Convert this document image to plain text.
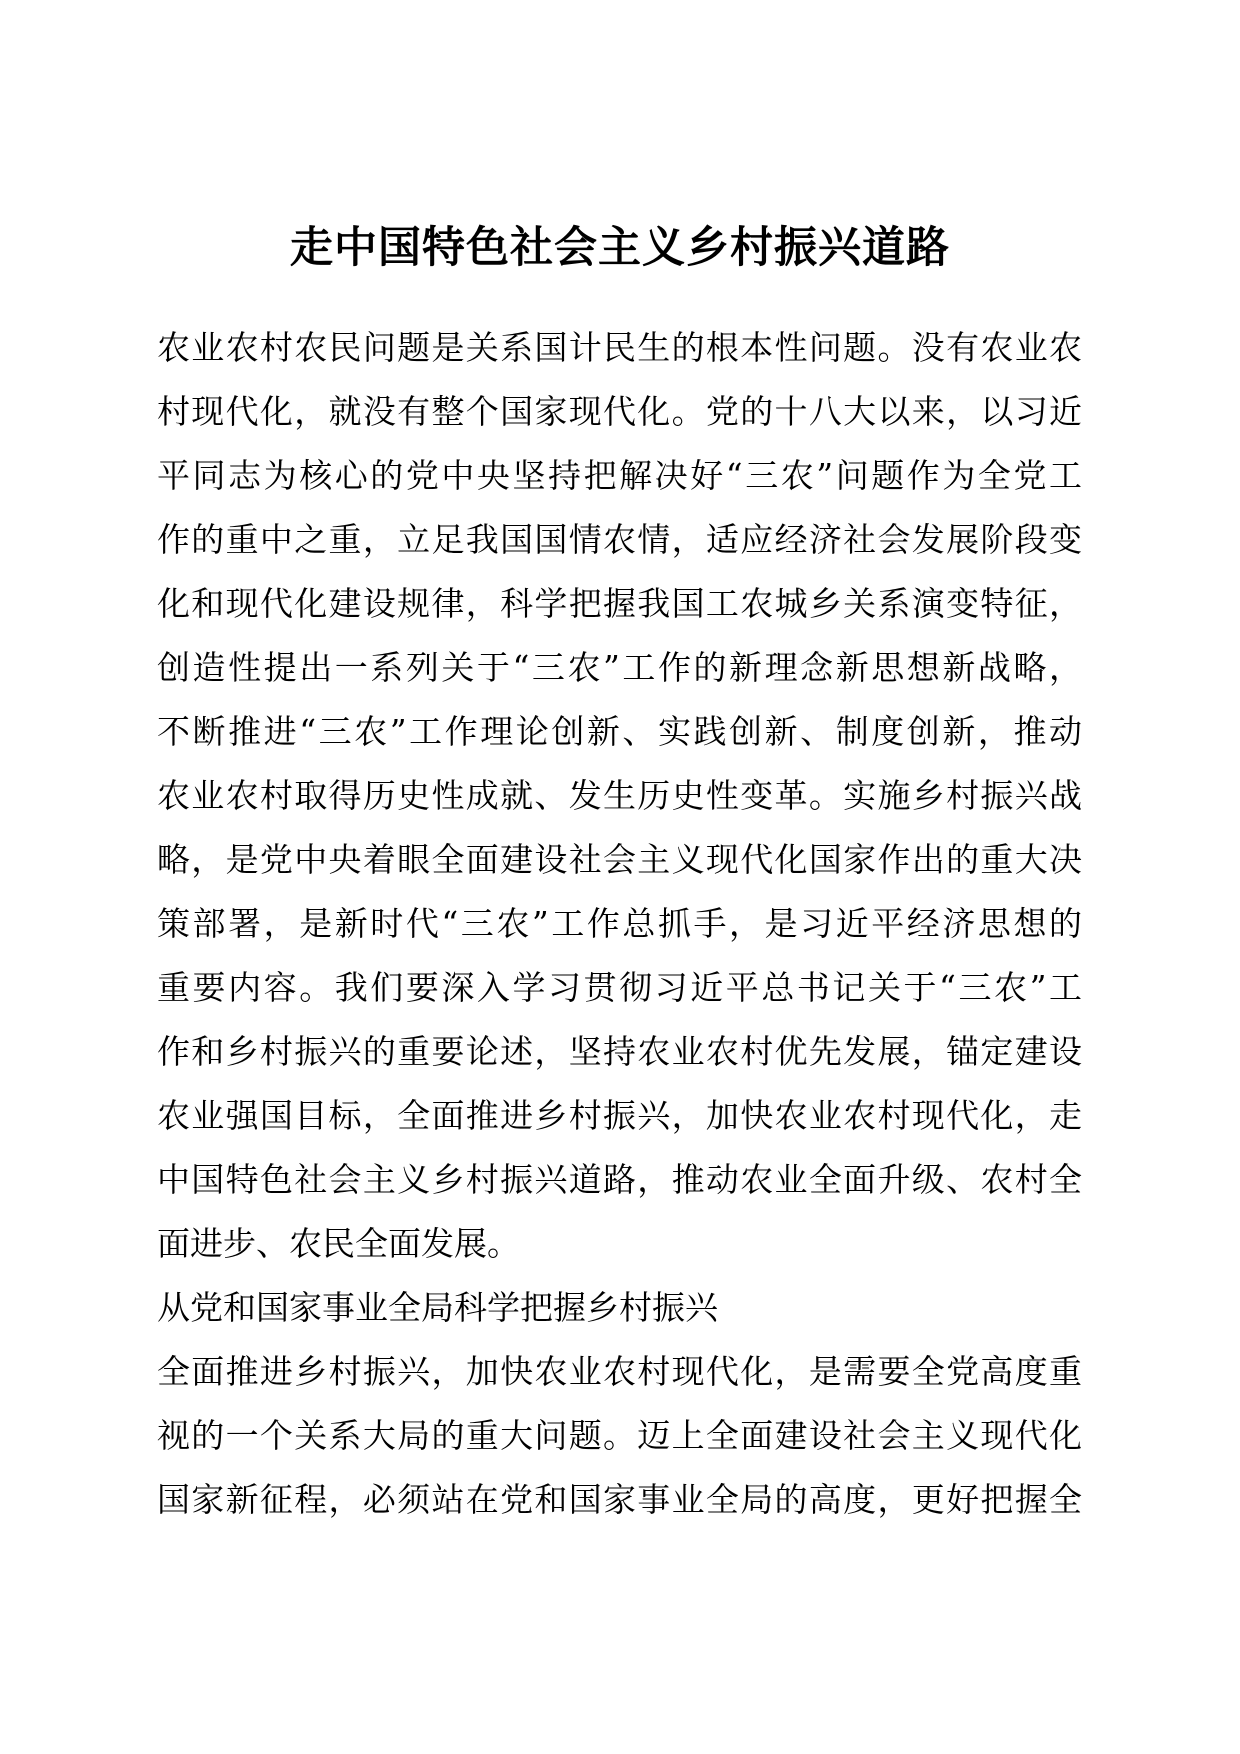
走中国特色社会主义乡村振兴道路
农业农村农民问题是关系国计民生的根本性问题。没有农业农
村现代化，就没有整个国家现代化。党的十八大以来，以习近
平同志为核心的党中央坚持把解决好“三农”问题作为全党工
作的重中之重，立足我国国情农情，适应经济社会发展阶段变
化和现代化建设规律，科学把握我国工农城乡关系演变特征，
创造性提出一系列关于“三农”工作的新理念新思想新战略，
不断推进“三农”工作理论创新、实践创新、制度创新，推动
农业农村取得历史性成就、发生历史性变革。实施乡村振兴战
略，是党中央着眼全面建设社会主义现代化国家作出的重大决
策部署，是新时代“三农”工作总抓手，是习近平经济思想的
重要内容。我们要深入学习贯彻习近平总书记关于“三农”工
作和乡村振兴的重要论述，坚持农业农村优先发展，锚定建设
农业强国目标，全面推进乡村振兴，加快农业农村现代化，走
中国特色社会主义乡村振兴道路，推动农业全面升级、农村全
面进步、农民全面发展。
从党和国家事业全局科学把握乡村振兴
全面推进乡村振兴，加快农业农村现代化，是需要全党高度重
视的一个关系大局的重大问题。迈上全面建设社会主义现代化
国家新征程，必须站在党和国家事业全局的高度，更好把握全
